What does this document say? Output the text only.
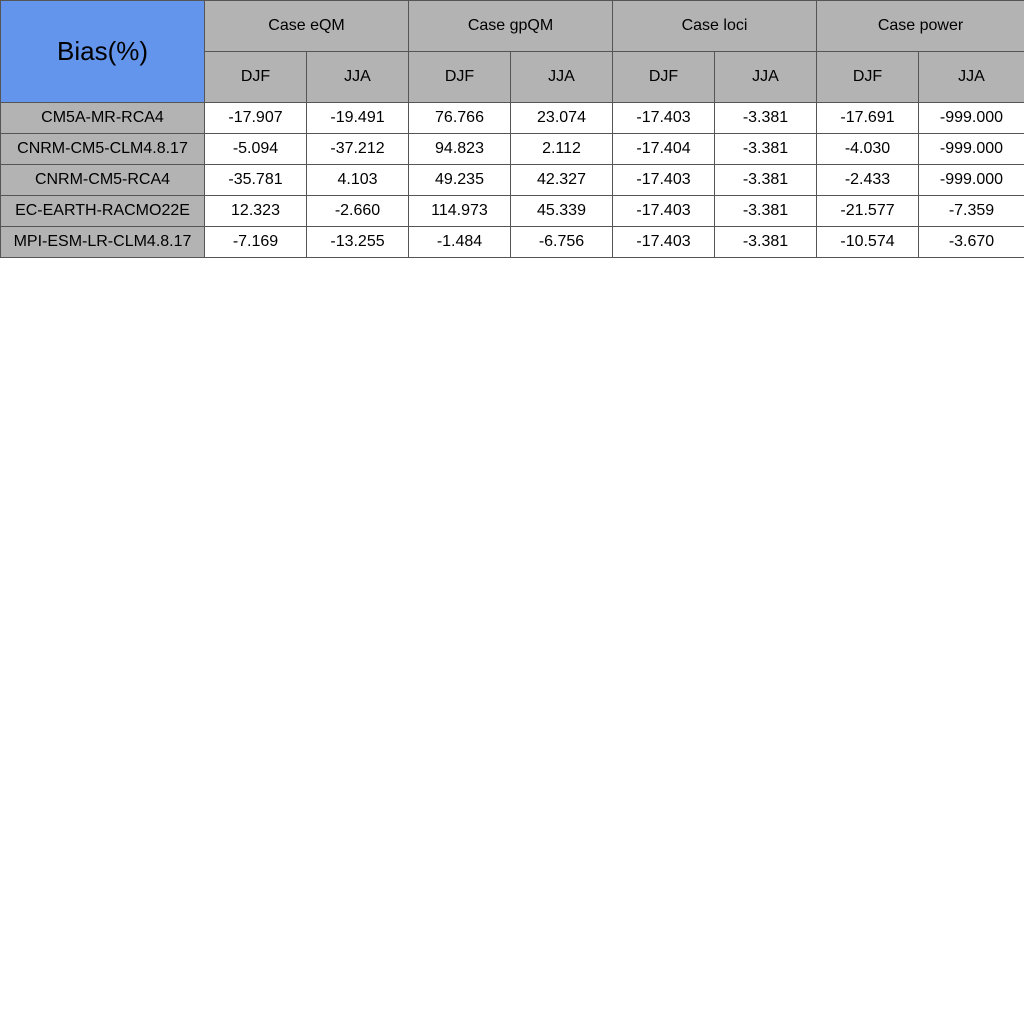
Bias(%)	Case eQM		Case gpQM		Case loci		Case power	
	DJF	JJA	DJF	JJA	DJF	JJA	DJF	JJA
CM5A-MR-RCA4	-17.907	-19.491	76.766	23.074	-17.403	-3.381	-17.691	-999.000
CNRM-CM5-CLM4.8.17	-5.094	-37.212	94.823	2.112	-17.404	-3.381	-4.030	-999.000
CNRM-CM5-RCA4	-35.781	4.103	49.235	42.327	-17.403	-3.381	-2.433	-999.000
EC-EARTH-RACMO22E	12.323	-2.660	114.973	45.339	-17.403	-3.381	-21.577	-7.359
MPI-ESM-LR-CLM4.8.17	-7.169	-13.255	-1.484	-6.756	-17.403	-3.381	-10.574	-3.670
